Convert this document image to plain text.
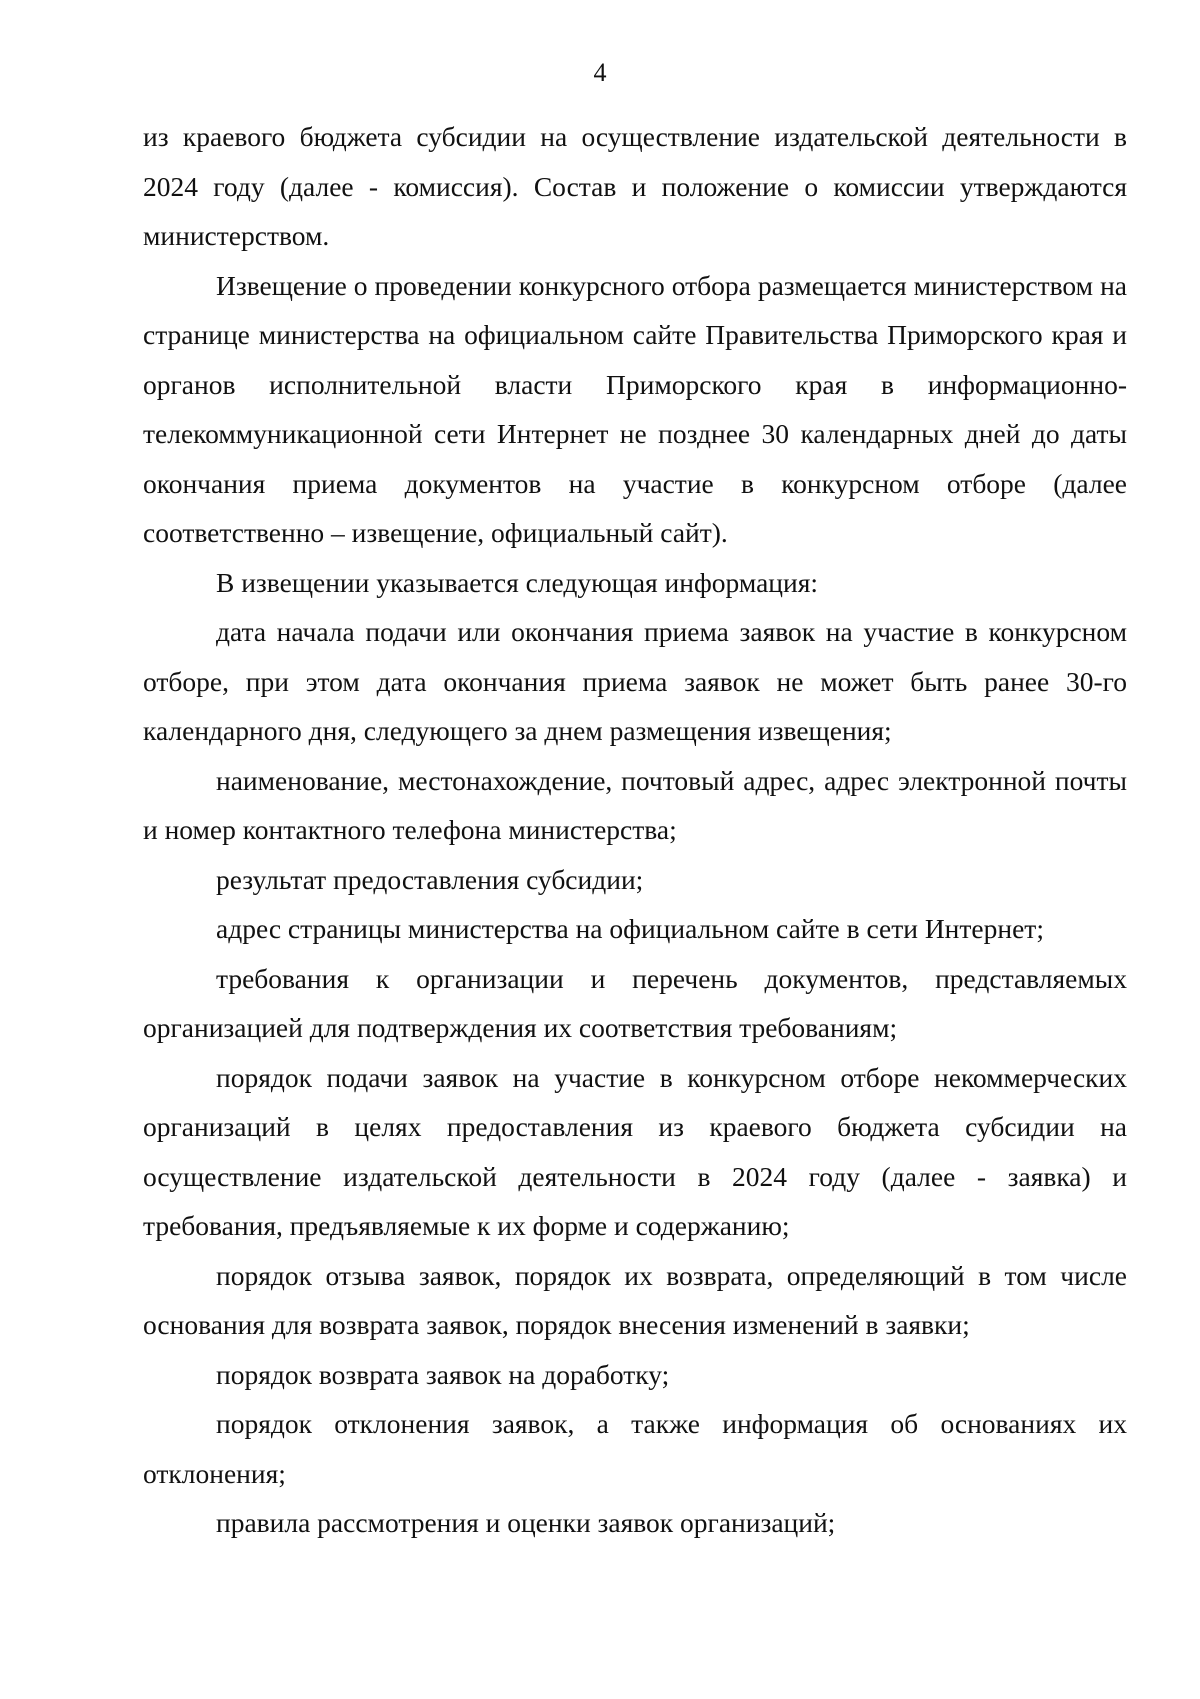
4

из краевого бюджета субсидии на осуществление издательской деятельности в 2024 году (далее - комиссия). Состав и положение о комиссии утверждаются министерством.

Извещение о проведении конкурсного отбора размещается министерством на странице министерства на официальном сайте Правительства Приморского края и органов исполнительной власти Приморского края в информационно-телекоммуникационной сети Интернет не позднее 30 календарных дней до даты окончания приема документов на участие в конкурсном отборе (далее соответственно – извещение, официальный сайт).

В извещении указывается следующая информация:

дата начала подачи или окончания приема заявок на участие в конкурсном отборе, при этом дата окончания приема заявок не может быть ранее 30-го календарного дня, следующего за днем размещения извещения;

наименование, местонахождение, почтовый адрес, адрес электронной почты и номер контактного телефона министерства;

результат предоставления субсидии;

адрес страницы министерства на официальном сайте в сети Интернет;

требования к организации и перечень документов, представляемых организацией для подтверждения их соответствия требованиям;

порядок подачи заявок на участие в конкурсном отборе некоммерческих организаций в целях предоставления из краевого бюджета субсидии на осуществление издательской деятельности в 2024 году (далее - заявка) и требования, предъявляемые к их форме и содержанию;

порядок отзыва заявок, порядок их возврата, определяющий в том числе основания для возврата заявок, порядок внесения изменений в заявки;

порядок возврата заявок на доработку;

порядок отклонения заявок, а также информация об основаниях их отклонения;

правила рассмотрения и оценки заявок организаций;
